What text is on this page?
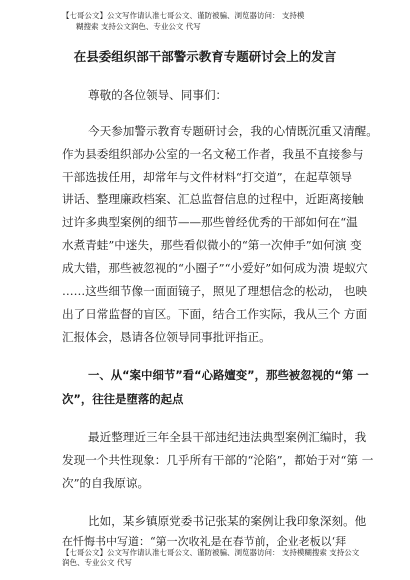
【七哥公文】公文写作请认准七哥公文、谨防被骗、浏览器访问： 支持模
糊搜索 支持公文润色、专业公文 代写
在县委组织部干部警示教育专题研讨会上的发言
尊敬的各位领导、同事们：
今天参加警示教育专题研讨会，我的心情既沉重又清醒。
作为县委组织部办公室的一名文秘工作者，我虽不直接参与
干部选拔任用，却常年与文件材料“打交道”，在起草领导
讲话、整理廉政档案、汇总监督信息的过程中，近距离接触
过许多典型案例的细节——那些曾经优秀的干部如何在“温
水煮青蛙”中迷失，那些看似微小的“第一次伸手”如何演 变
成大错，那些被忽视的“小圈子”“小爱好”如何成为溃 堤蚁穴
……这些细节像一面面镜子，照见了理想信念的松动， 也映
出了日常监督的盲区。下面，结合工作实际，我从三个 方面
汇报体会，恳请各位领导同事批评指正。
一、从“案中细节”看“心路嬗变”，那些被忽视的“第 一
次”，往往是堕落的起点
最近整理近三年全县干部违纪违法典型案例汇编时，我
发现一个共性现象：几乎所有干部的“沦陷”，都始于对“第 一
次”的自我原谅。
比如，某乡镇原党委书记张某的案例让我印象深刻。他
在忏悔书中写道：“第一次收礼是在春节前，企业老板以‘拜
【七哥公文】公文写作请认准七哥公文、谨防被骗、浏览器访问： 支持模糊搜索 支持公文
润色、专业公文 代写
